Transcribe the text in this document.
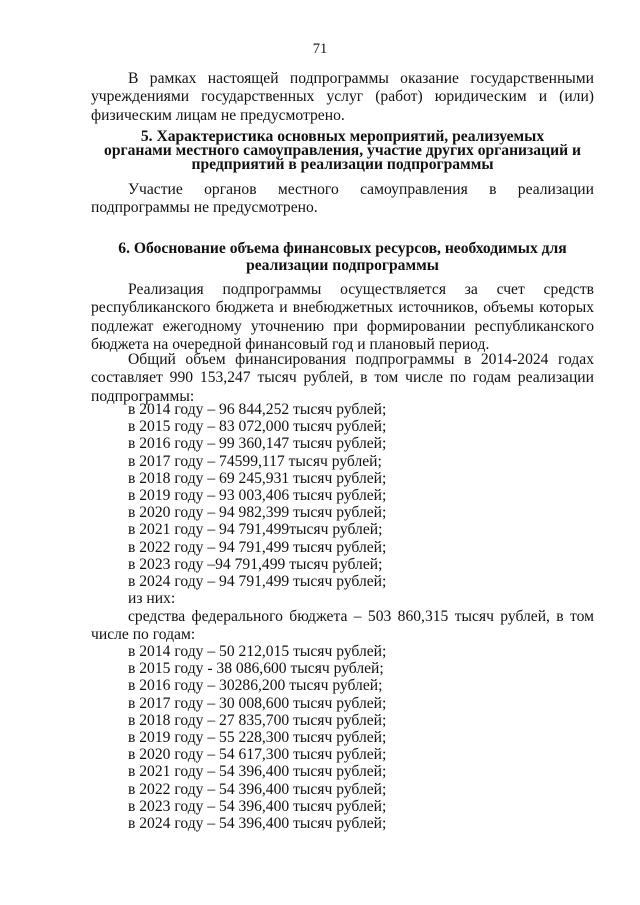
71
В рамках настоящей подпрограммы оказание государственными
учреждениями государственных услуг (работ) юридическим и (или)
физическим лицам не предусмотрено.
5. Характеристика основных мероприятий, реализуемых
органами местного самоуправления, участие других организаций и
предприятий в реализации подпрограммы
Участие органов местного самоуправления в реализации
подпрограммы не предусмотрено.
6. Обоснование объема финансовых ресурсов, необходимых для
реализации подпрограммы
Реализация подпрограммы осуществляется за счет средств
республиканского бюджета и внебюджетных источников, объемы которых
подлежат ежегодному уточнению при формировании республиканского
бюджета на очередной финансовый год и плановый период.
Общий объем финансирования подпрограммы в 2014-2024 годах
составляет 990 153,247 тысяч рублей, в том числе по годам реализации
подпрограммы:
в 2014 году – 96 844,252 тысяч рублей;
в 2015 году – 83 072,000 тысяч рублей;
в 2016 году – 99 360,147 тысяч рублей;
в 2017 году – 74599,117 тысяч рублей;
в 2018 году – 69 245,931 тысяч рублей;
в 2019 году – 93 003,406 тысяч рублей;
в 2020 году – 94 982,399 тысяч рублей;
в 2021 году – 94 791,499тысяч рублей;
в 2022 году – 94 791,499 тысяч рублей;
в 2023 году –94 791,499 тысяч рублей;
в 2024 году – 94 791,499 тысяч рублей;
из них:
средства федерального бюджета – 503 860,315 тысяч рублей, в том
числе по годам:
в 2014 году – 50 212,015 тысяч рублей;
в 2015 году - 38 086,600 тысяч рублей;
в 2016 году – 30286,200 тысяч рублей;
в 2017 году – 30 008,600 тысяч рублей;
в 2018 году – 27 835,700 тысяч рублей;
в 2019 году – 55 228,300 тысяч рублей;
в 2020 году – 54 617,300 тысяч рублей;
в 2021 году – 54 396,400 тысяч рублей;
в 2022 году – 54 396,400 тысяч рублей;
в 2023 году – 54 396,400 тысяч рублей;
в 2024 году – 54 396,400 тысяч рублей;
